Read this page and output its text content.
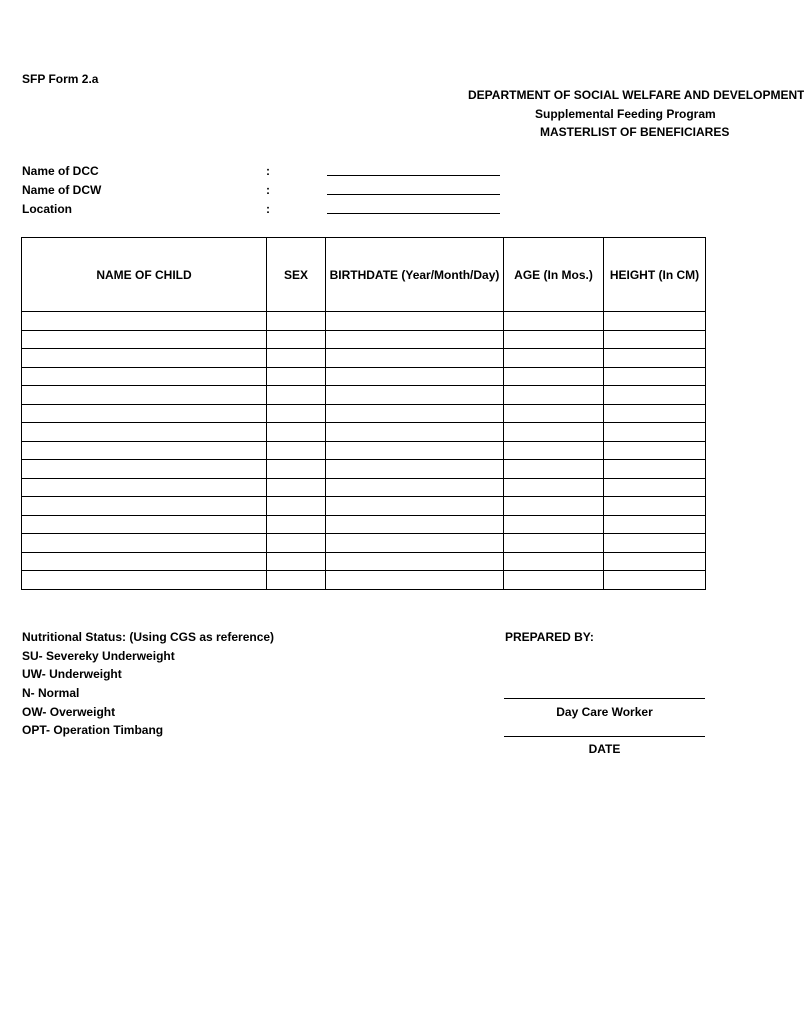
SFP Form 2.a
DEPARTMENT OF SOCIAL WELFARE AND DEVELOPMENT
Supplemental Feeding Program
MASTERLIST OF BENEFICIARES
Name of DCC	:
Name of DCW	:
Location	:
NAME OF CHILD	SEX	BIRTHDATE (Year/Month/Day)	AGE (In Mos.)	HEIGHT (In CM)

Nutritional Status: (Using CGS as reference)
SU- Severeky Underweight
UW- Underweight
N- Normal
OW- Overweight
OPT- Operation Timbang
PREPARED BY:
Day Care Worker
DATE
